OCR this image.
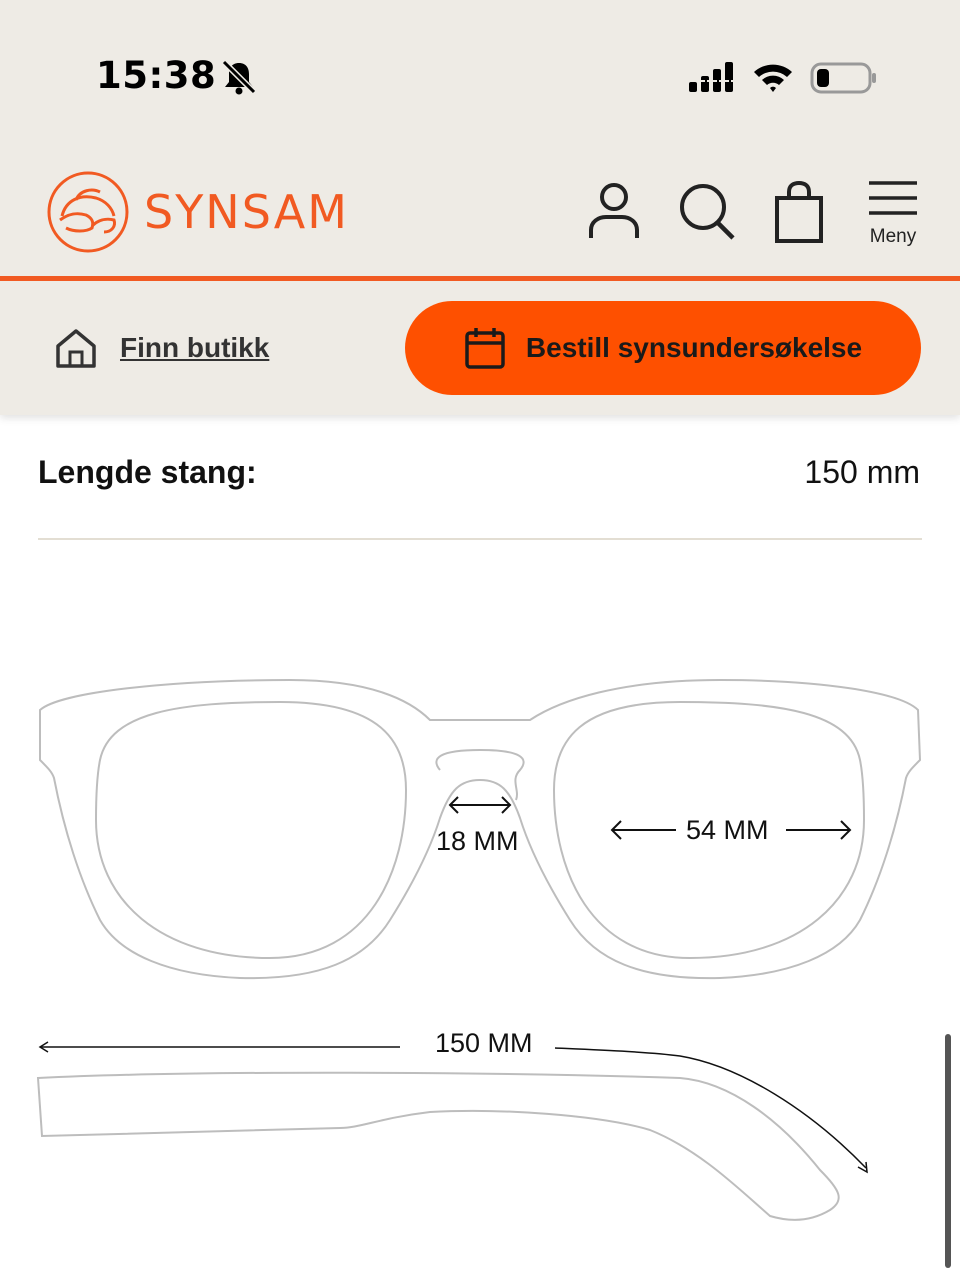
15:38
SYNSAM	Meny
Finn butikk	Bestill synsundersøkelse
Lengde stang:	150 mm
18 MM	54 MM
150 MM
